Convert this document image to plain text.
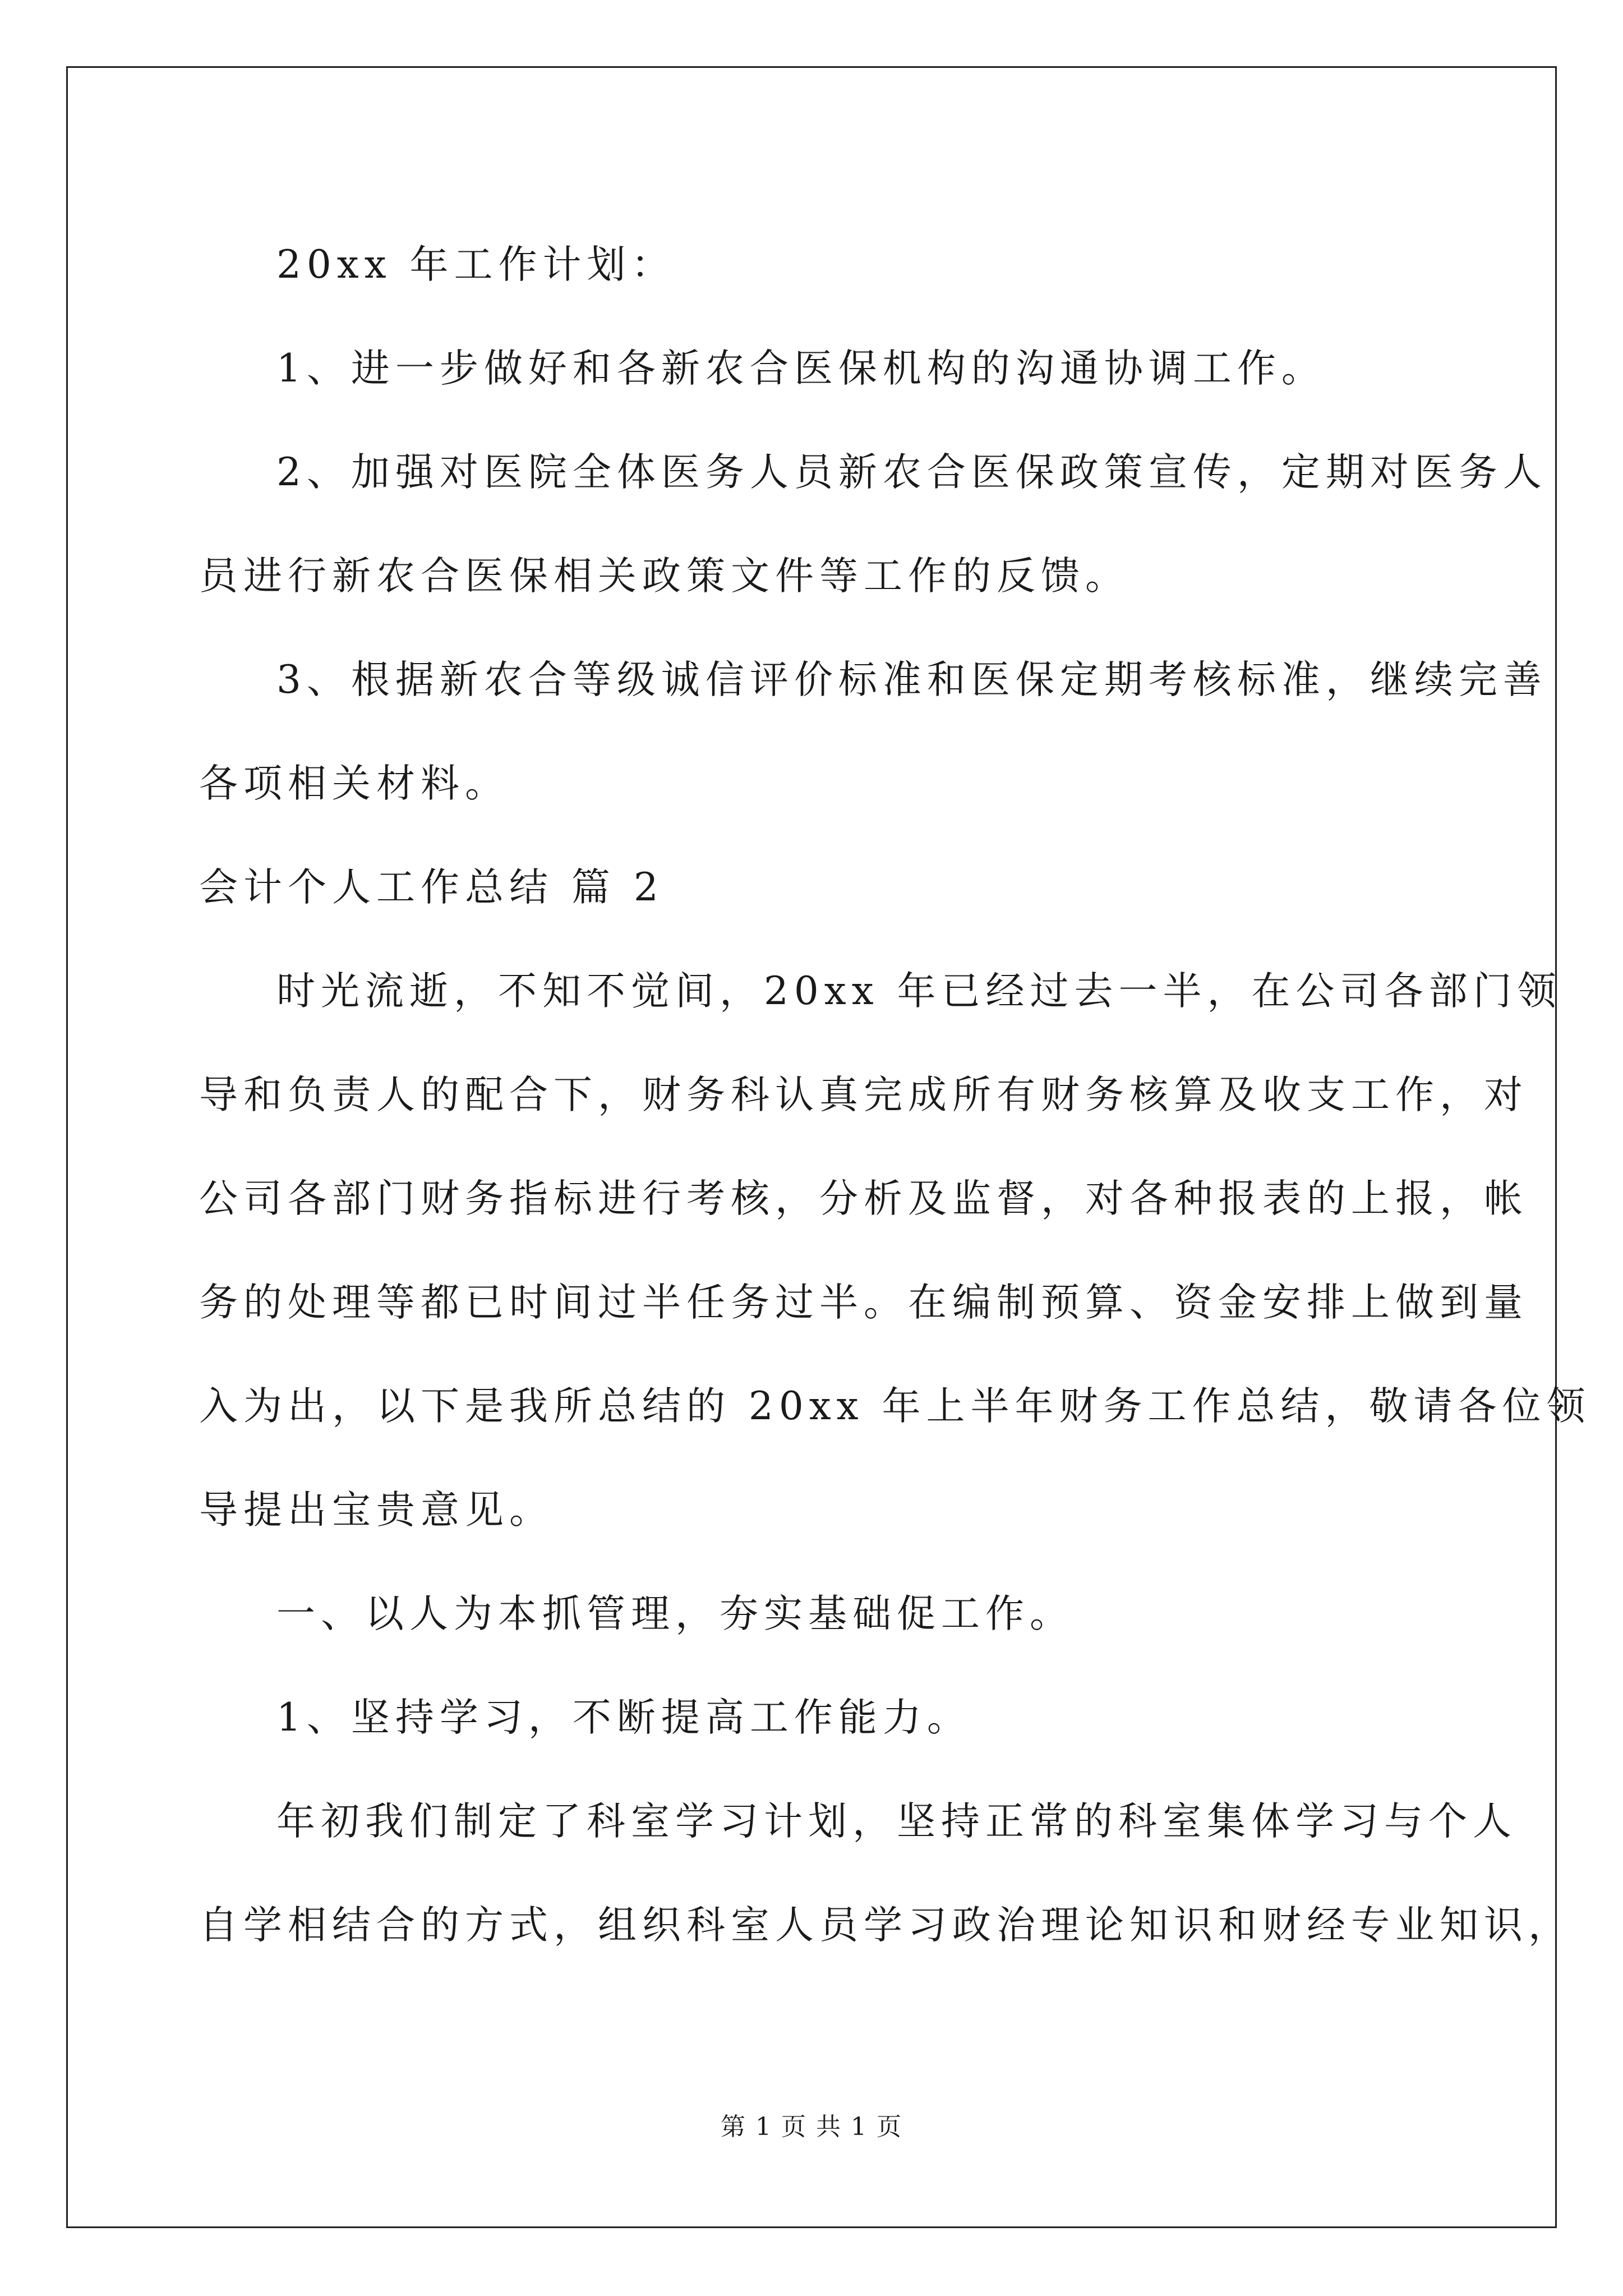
20xx 年工作计划：

1、进一步做好和各新农合医保机构的沟通协调工作。

2、加强对医院全体医务人员新农合医保政策宣传，定期对医务人

员进行新农合医保相关政策文件等工作的反馈。

3、根据新农合等级诚信评价标准和医保定期考核标准，继续完善

各项相关材料。

会计个人工作总结 篇 2

时光流逝，不知不觉间，20xx 年已经过去一半，在公司各部门领

导和负责人的配合下，财务科认真完成所有财务核算及收支工作，对

公司各部门财务指标进行考核，分析及监督，对各种报表的上报，帐

务的处理等都已时间过半任务过半。在编制预算、资金安排上做到量

入为出，以下是我所总结的 20xx 年上半年财务工作总结，敬请各位领

导提出宝贵意见。

一、以人为本抓管理，夯实基础促工作。

1、坚持学习，不断提高工作能力。

年初我们制定了科室学习计划，坚持正常的科室集体学习与个人

自学相结合的方式，组织科室人员学习政治理论知识和财经专业知识，

第 1 页 共 1 页
